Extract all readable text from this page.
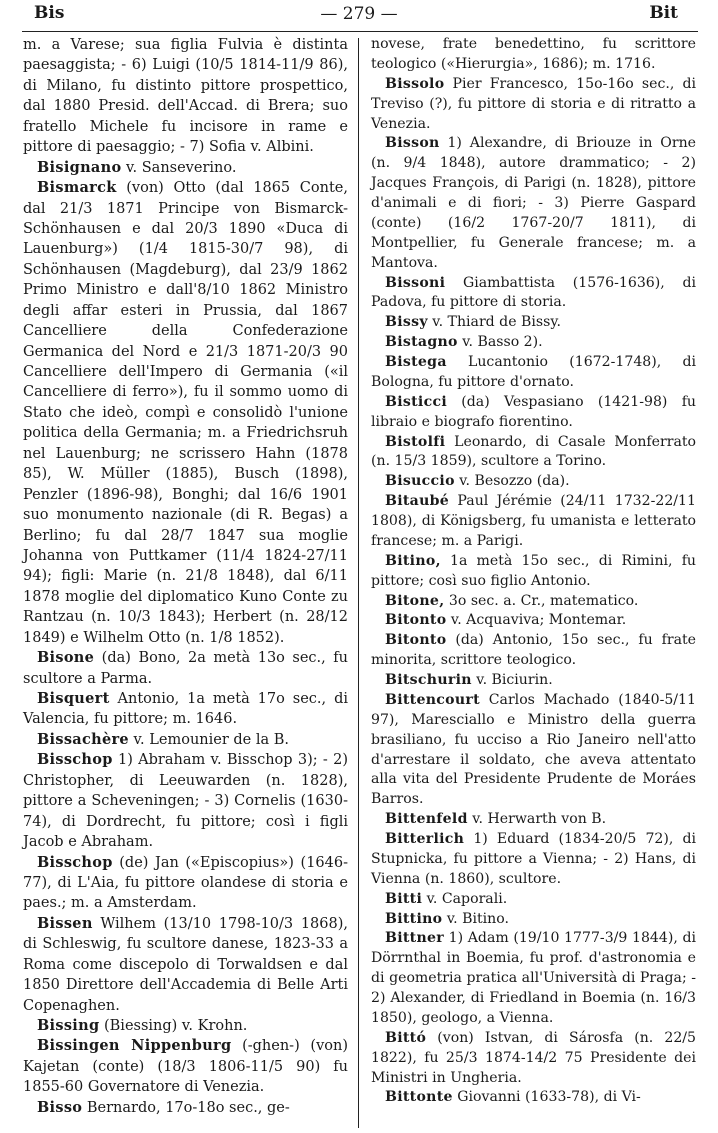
Bis	— 279 —	Bit

m. a Varese; sua figlia Fulvia è distinta paesaggista; - 6) Luigi (10/5 1814-11/9 86), di Milano, fu distinto pittore prospettico, dal 1880 Presid. dell'Accad. di Brera; suo fratello Michele fu incisore in rame e pittore di paesaggio; - 7) Sofia v. Albini.

Bisignano v. Sanseverino.

Bismarck (von) Otto (dal 1865 Conte, dal 21/3 1871 Principe von Bismarck-Schönhausen e dal 20/3 1890 «Duca di Lauenburg») (1/4 1815-30/7 98), di Schönhausen (Magdeburg), dal 23/9 1862 Primo Ministro e dall'8/10 1862 Ministro degli affar esteri in Prussia, dal 1867 Cancelliere della Confederazione Germanica del Nord e 21/3 1871-20/3 90 Cancelliere dell'Impero di Germania («il Cancelliere di ferro»), fu il sommo uomo di Stato che ideò, compì e consolidò l'unione politica della Germania; m. a Friedrichsruh nel Lauenburg; ne scrissero Hahn (1878 85), W. Müller (1885), Busch (1898), Penzler (1896-98), Bonghi; dal 16/6 1901 suo monumento nazionale (di R. Begas) a Berlino; fu dal 28/7 1847 sua moglie Johanna von Puttkamer (11/4 1824-27/11 94); figli: Marie (n. 21/8 1848), dal 6/11 1878 moglie del diplomatico Kuno Conte zu Rantzau (n. 10/3 1843); Herbert (n. 28/12 1849) e Wilhelm Otto (n. 1/8 1852).

Bisone (da) Bono, 2a metà 13o sec., fu scultore a Parma.

Bisquert Antonio, 1a metà 17o sec., di Valencia, fu pittore; m. 1646.

Bissachère v. Lemounier de la B.

Bisschop 1) Abraham v. Bisschop 3); - 2) Christopher, di Leeuwarden (n. 1828), pittore a Scheveningen; - 3) Cornelis (1630-74), di Dordrecht, fu pittore; così i figli Jacob e Abraham.

Bisschop (de) Jan («Episcopius») (1646-77), di L'Aia, fu pittore olandese di storia e paes.; m. a Amsterdam.

Bissen Wilhem (13/10 1798-10/3 1868), di Schleswig, fu scultore danese, 1823-33 a Roma come discepolo di Torwaldsen e dal 1850 Direttore dell'Accademia di Belle Arti Copenaghen.

Bissing (Biessing) v. Krohn.

Bissingen Nippenburg (-ghen-) (von) Kajetan (conte) (18/3 1806-11/5 90) fu 1855-60 Governatore di Venezia.

Bisso Bernardo, 17o-18o sec., ge-

novese, frate benedettino, fu scrittore teologico («Hierurgia», 1686); m. 1716.

Bissolo Pier Francesco, 15o-16o sec., di Treviso (?), fu pittore di storia e di ritratto a Venezia.

Bisson 1) Alexandre, di Briouze in Orne (n. 9/4 1848), autore drammatico; - 2) Jacques François, di Parigi (n. 1828), pittore d'animali e di fiori; - 3) Pierre Gaspard (conte) (16/2 1767-20/7 1811), di Montpellier, fu Generale francese; m. a Mantova.

Bissoni Giambattista (1576-1636), di Padova, fu pittore di storia.

Bissy v. Thiard de Bissy.

Bistagno v. Basso 2).

Bistega Lucantonio (1672-1748), di Bologna, fu pittore d'ornato.

Bisticci (da) Vespasiano (1421-98) fu libraio e biografo fiorentino.

Bistolfi Leonardo, di Casale Monferrato (n. 15/3 1859), scultore a Torino.

Bisuccio v. Besozzo (da).

Bitaubé Paul Jérémie (24/11 1732-22/11 1808), di Königsberg, fu umanista e letterato francese; m. a Parigi.

Bitino, 1a metà 15o sec., di Rimini, fu pittore; così suo figlio Antonio.

Bitone, 3o sec. a. Cr., matematico.

Bitonto v. Acquaviva; Montemar.

Bitonto (da) Antonio, 15o sec., fu frate minorita, scrittore teologico.

Bitschurin v. Biciurin.

Bittencourt Carlos Machado (1840-5/11 97), Maresciallo e Ministro della guerra brasiliano, fu ucciso a Rio Janeiro nell'atto d'arrestare il soldato, che aveva attentato alla vita del Presidente Prudente de Moráes Barros.

Bittenfeld v. Herwarth von B.

Bitterlich 1) Eduard (1834-20/5 72), di Stupnicka, fu pittore a Vienna; - 2) Hans, di Vienna (n. 1860), scultore.

Bitti v. Caporali.

Bittino v. Bitino.

Bittner 1) Adam (19/10 1777-3/9 1844), di Dörrnthal in Boemia, fu prof. d'astronomia e di geometria pratica all'Università di Praga; - 2) Alexander, di Friedland in Boemia (n. 16/3 1850), geologo, a Vienna.

Bittó (von) Istvan, di Sárosfa (n. 22/5 1822), fu 25/3 1874-14/2 75 Presidente dei Ministri in Ungheria.

Bittonte Giovanni (1633-78), di Vi-
